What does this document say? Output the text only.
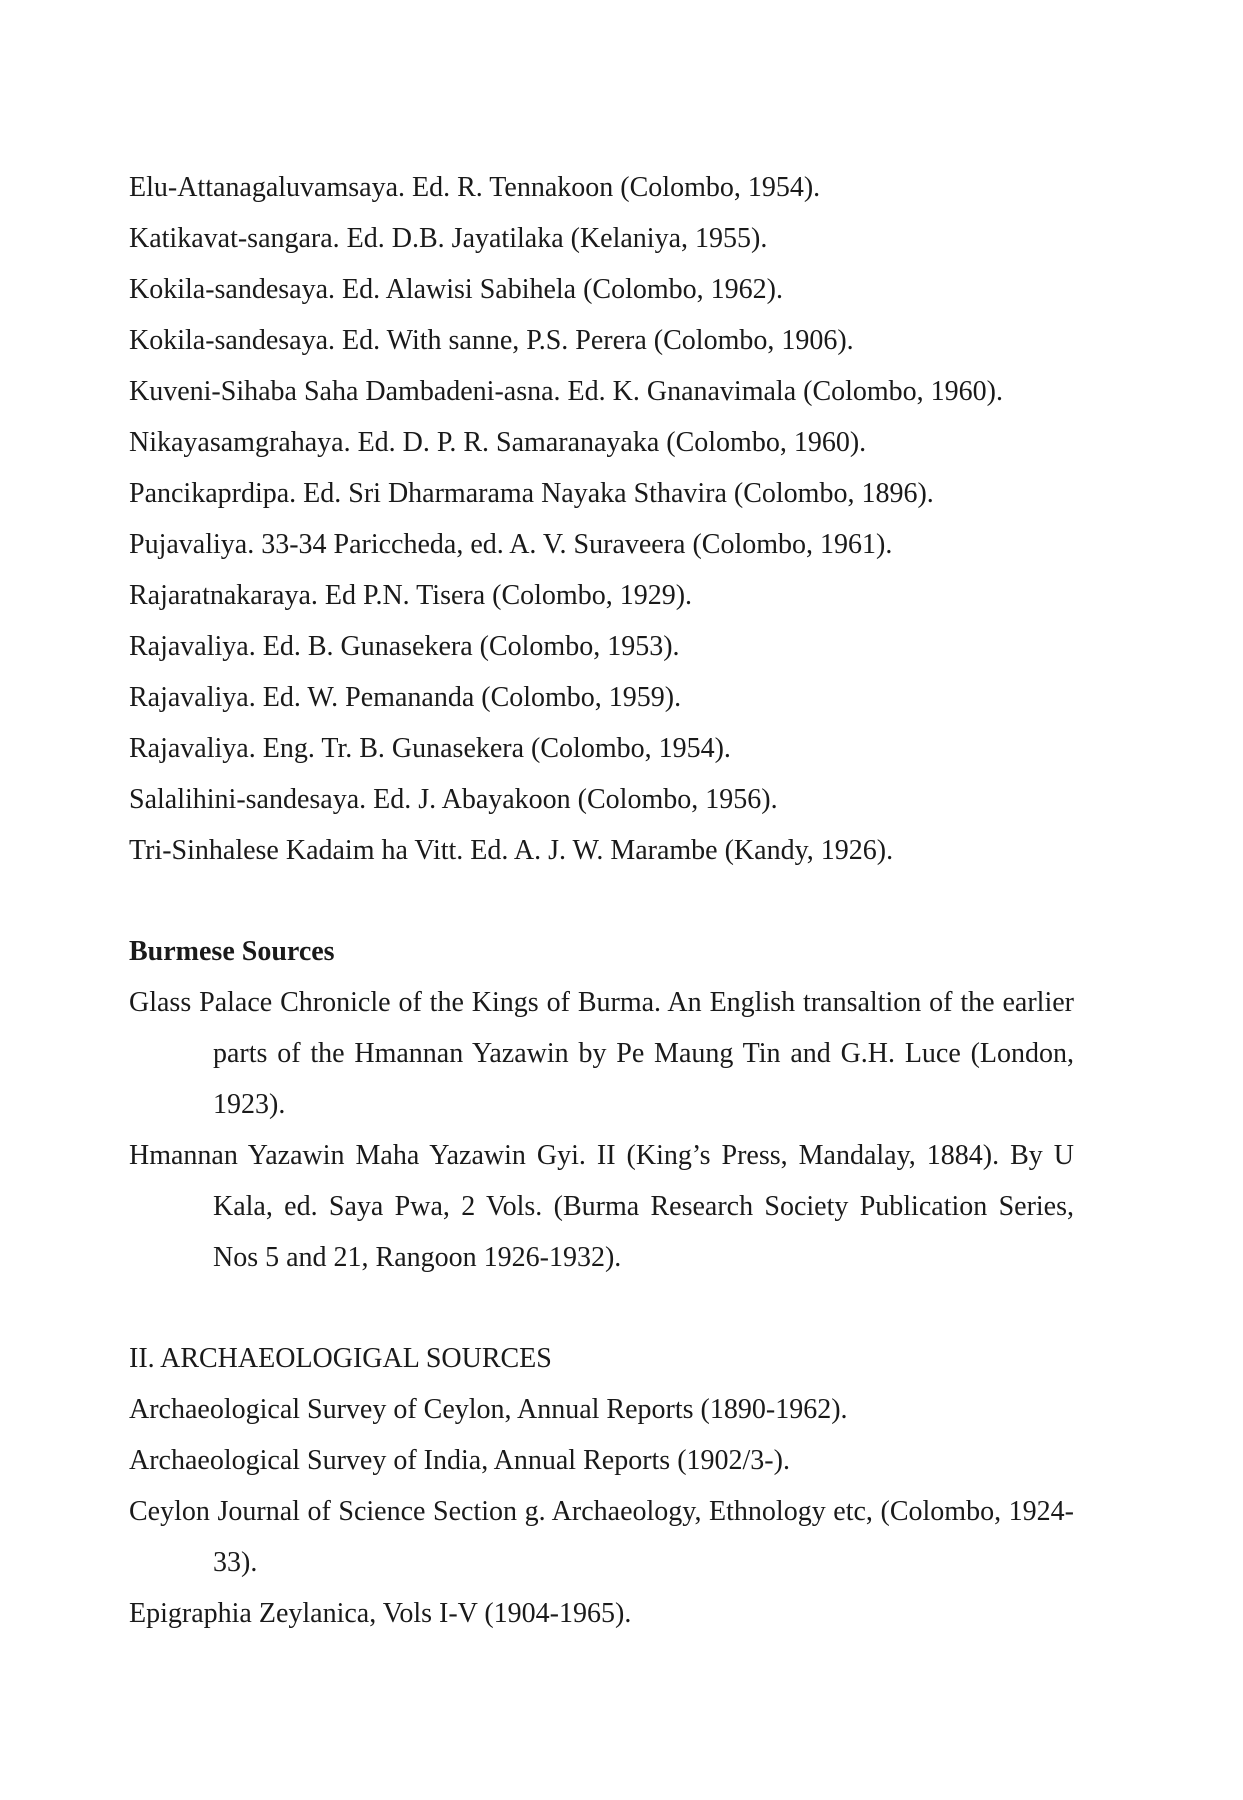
Elu-Attanagaluvamsaya. Ed. R. Tennakoon (Colombo, 1954).
Katikavat-sangara. Ed. D.B. Jayatilaka (Kelaniya, 1955).
Kokila-sandesaya. Ed. Alawisi Sabihela (Colombo, 1962).
Kokila-sandesaya. Ed. With sanne, P.S. Perera (Colombo, 1906).
Kuveni-Sihaba Saha Dambadeni-asna. Ed. K. Gnanavimala (Colombo, 1960).
Nikayasamgrahaya. Ed. D. P. R. Samaranayaka (Colombo, 1960).
Pancikaprdipa. Ed. Sri Dharmarama Nayaka Sthavira (Colombo, 1896).
Pujavaliya. 33-34 Pariccheda, ed. A. V. Suraveera (Colombo, 1961).
Rajaratnakaraya. Ed P.N. Tisera (Colombo, 1929).
Rajavaliya. Ed. B. Gunasekera (Colombo, 1953).
Rajavaliya. Ed. W. Pemananda (Colombo, 1959).
Rajavaliya. Eng. Tr. B. Gunasekera (Colombo, 1954).
Salalihini-sandesaya. Ed. J. Abayakoon (Colombo, 1956).
Tri-Sinhalese Kadaim ha Vitt. Ed. A. J. W. Marambe (Kandy, 1926).
Burmese Sources
Glass Palace Chronicle of the Kings of Burma. An English transaltion of the earlier parts of the Hmannan Yazawin by Pe Maung Tin and G.H. Luce (London, 1923).
Hmannan Yazawin Maha Yazawin Gyi. II (King’s Press, Mandalay, 1884). By U Kala, ed. Saya Pwa, 2 Vols. (Burma Research Society Publication Series, Nos 5 and 21, Rangoon 1926-1932).
II. ARCHAEOLOGIGAL SOURCES
Archaeological Survey of Ceylon, Annual Reports (1890-1962).
Archaeological Survey of India, Annual Reports (1902/3-).
Ceylon Journal of Science Section g. Archaeology, Ethnology etc, (Colombo, 1924-33).
Epigraphia Zeylanica, Vols I-V (1904-1965).
